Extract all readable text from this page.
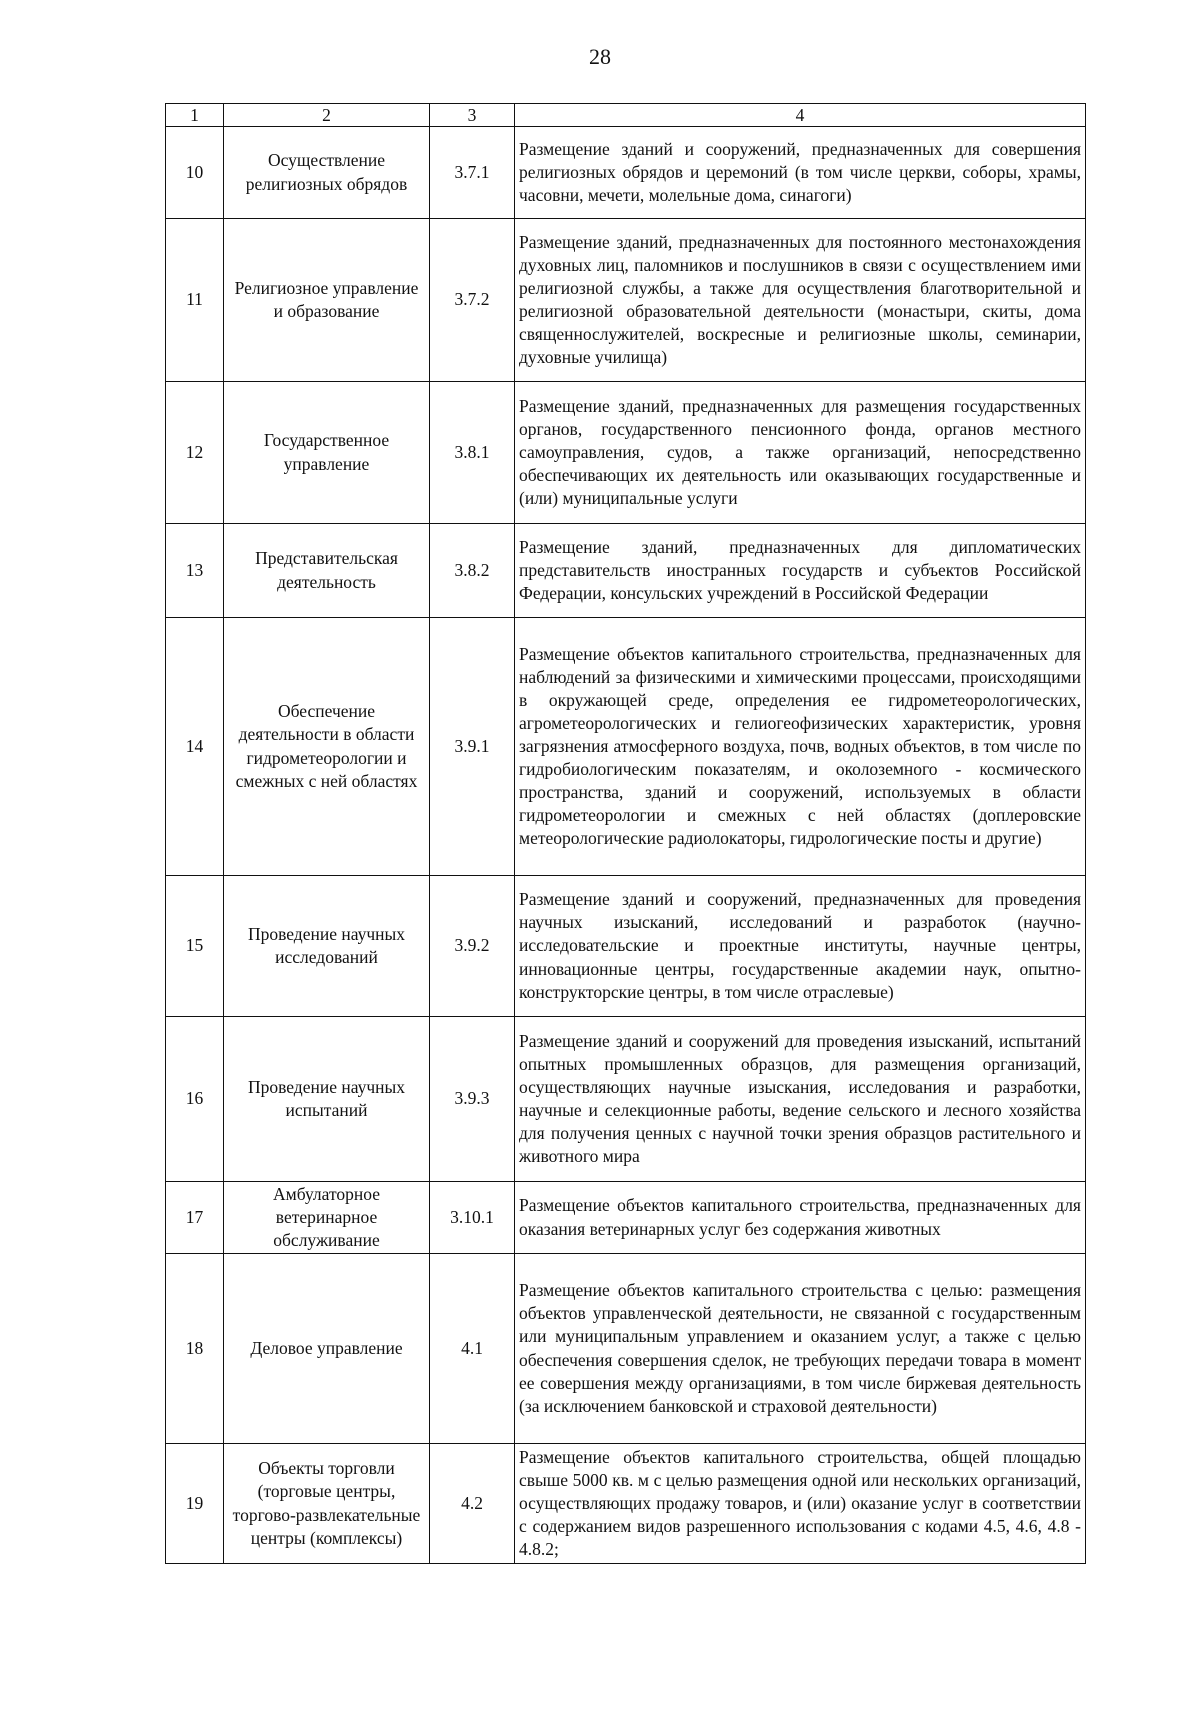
28
1	2	3	4
10	Осуществление религиозных обрядов	3.7.1	Размещение зданий и сооружений, предназначенных для совершения религиозных обрядов и церемоний (в том числе церкви, соборы, храмы, часовни, мечети, молельные дома, синагоги)
11	Религиозное управление и образование	3.7.2	Размещение зданий, предназначенных для постоянного местонахождения духовных лиц, паломников и послушников в связи с осуществлением ими религиозной службы, а также для осуществления благотворительной и религиозной образовательной деятельности (монастыри, скиты, дома священнослужителей, воскресные и религиозные школы, семинарии, духовные училища)
12	Государственное управление	3.8.1	Размещение зданий, предназначенных для размещения государственных органов, государственного пенсионного фонда, органов местного самоуправления, судов, а также организаций, непосредственно обеспечивающих их деятельность или оказывающих государственные и (или) муниципальные услуги
13	Представительская деятельность	3.8.2	Размещение зданий, предназначенных для дипломатических представительств иностранных государств и субъектов Российской Федерации, консульских учреждений в Российской Федерации
14	Обеспечение деятельности в области гидрометеорологии и смежных с ней областях	3.9.1	Размещение объектов капитального строительства, предназначенных для наблюдений за физическими и химическими процессами, происходящими в окружающей среде, определения ее гидрометеорологических, агрометеорологических и гелиогеофизических характеристик, уровня загрязнения атмосферного воздуха, почв, водных объектов, в том числе по гидробиологическим показателям, и околоземного - космического пространства, зданий и сооружений, используемых в области гидрометеорологии и смежных с ней областях (доплеровские метеорологические радиолокаторы, гидрологические посты и другие)
15	Проведение научных исследований	3.9.2	Размещение зданий и сооружений, предназначенных для проведения научных изысканий, исследований и разработок (научно-исследовательские и проектные институты, научные центры, инновационные центры, государственные академии наук, опытно-конструкторские центры, в том числе отраслевые)
16	Проведение научных испытаний	3.9.3	Размещение зданий и сооружений для проведения изысканий, испытаний опытных промышленных образцов, для размещения организаций, осуществляющих научные изыскания, исследования и разработки, научные и селекционные работы, ведение сельского и лесного хозяйства для получения ценных с научной точки зрения образцов растительного и животного мира
17	Амбулаторное ветеринарное обслуживание	3.10.1	Размещение объектов капитального строительства, предназначенных для оказания ветеринарных услуг без содержания животных
18	Деловое управление	4.1	Размещение объектов капитального строительства с целью: размещения объектов управленческой деятельности, не связанной с государственным или муниципальным управлением и оказанием услуг, а также с целью обеспечения совершения сделок, не требующих передачи товара в момент ее совершения между организациями, в том числе биржевая деятельность (за исключением банковской и страховой деятельности)
19	Объекты торговли (торговые центры, торгово-развлекательные центры (комплексы)	4.2	Размещение объектов капитального строительства, общей площадью свыше 5000 кв. м с целью размещения одной или нескольких организаций, осуществляющих продажу товаров, и (или) оказание услуг в соответствии с содержанием видов разрешенного использования с кодами 4.5, 4.6, 4.8 - 4.8.2;
